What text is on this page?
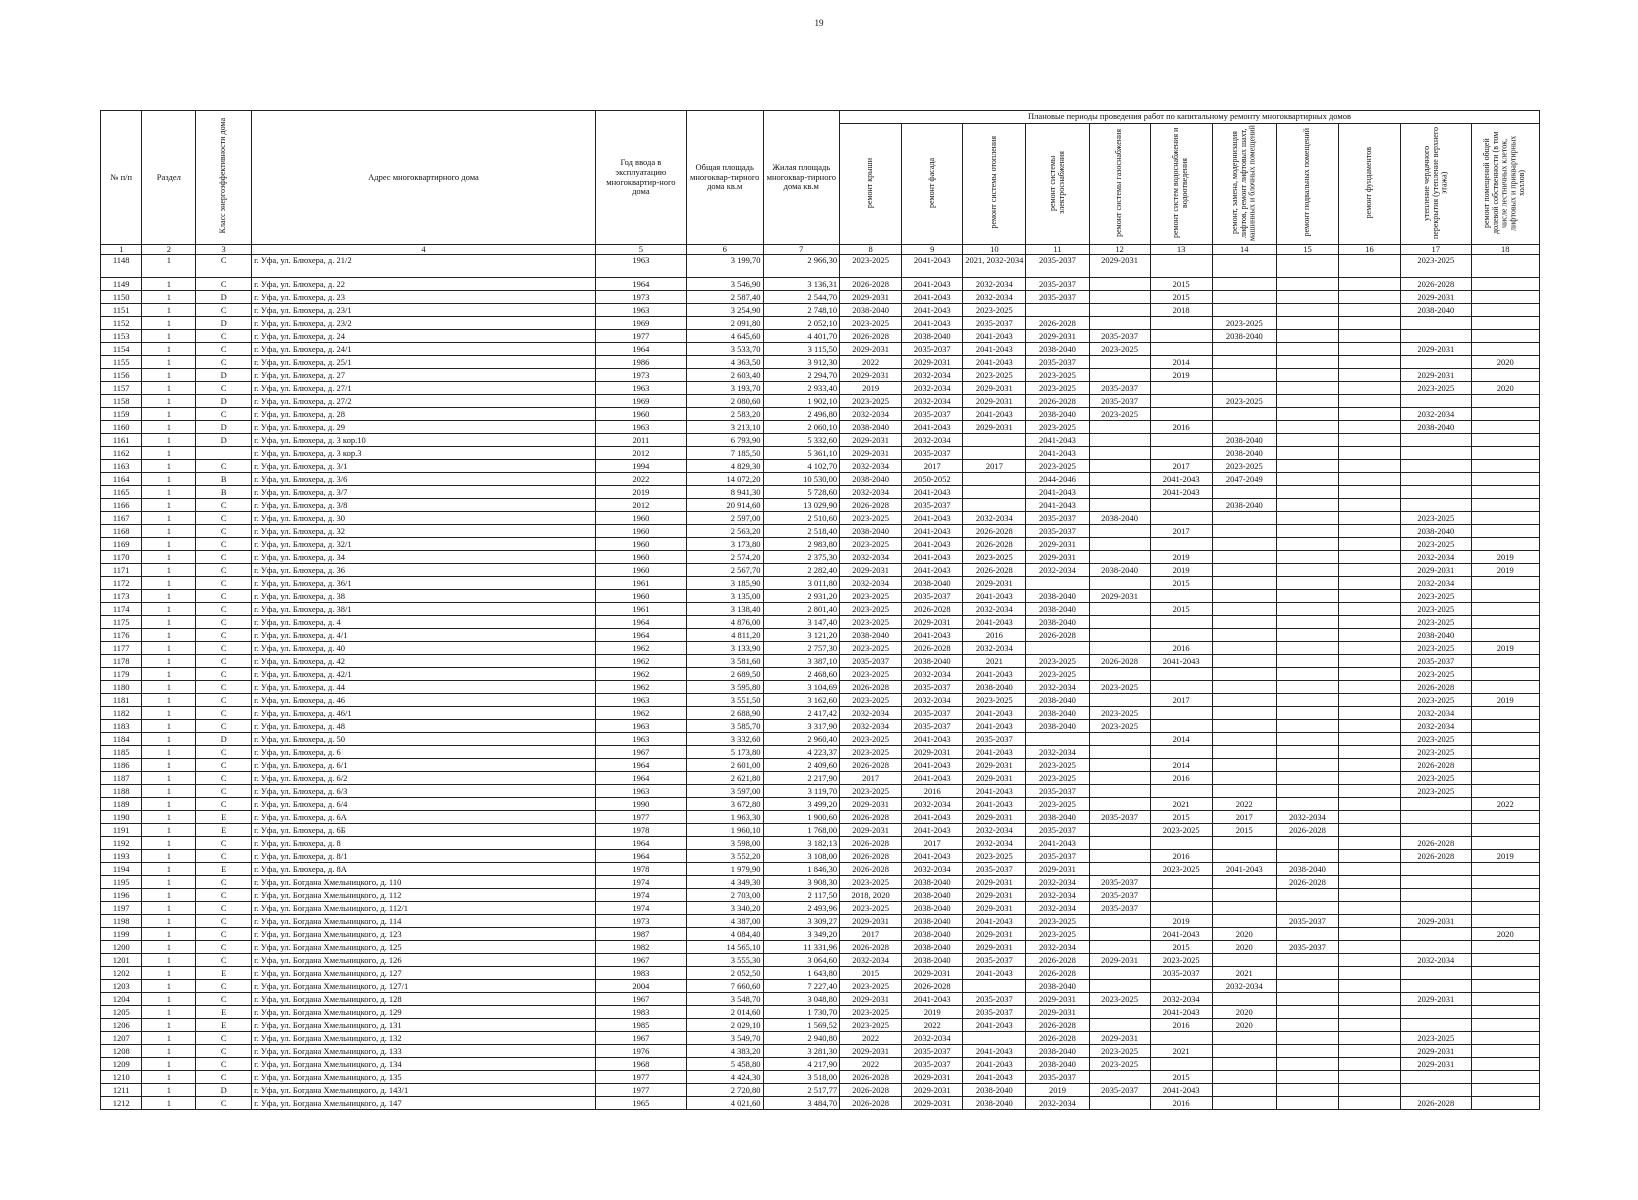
19
№ п/п	Раздел	Класс энергоэффективности дома	Адрес многоквартирного дома	Год ввода в эксплуатацию многоквартир-ного дома	Общая площадь многоквар-тирного дома кв.м	Жилая площадь многоквар-тирного дома кв.м	Плановые периоды проведения работ по капитальному ремонту многоквартирных домов										
							ремонт крыши	ремонт фасада	ремонт системы отопления	ремонт системы электроснабжения	ремонт системы газоснабжения	ремонт систем водоснабжения и водоотведения	ремонт, замена, модернизация лифтов, ремонт лифтовых шахт, машинных и блочных помещений	ремонт подвальных помещений	ремонт фундаментов	утепление чердачного перекрытия (утепление верхнего этажа)	ремонт помещений общей долевой собственности (в том числе лестничных клеток, лифтовых и приквартирных холлов)
1	2	3	4	5	6	7	8	9	10	11	12	13	14	15	16	17	18
1148	1	C	г. Уфа, ул. Блюхера, д. 21/2	1963	3 199,70	2 966,30	2023-2025	2041-2043	2021, 2032-2034	2035-2037	2029-2031					2023-2025	
1149	1	C	г. Уфа, ул. Блюхера, д. 22	1964	3 546,90	3 136,31	2026-2028	2041-2043	2032-2034	2035-2037		2015				2026-2028	
1150	1	D	г. Уфа, ул. Блюхера, д. 23	1973	2 587,40	2 544,70	2029-2031	2041-2043	2032-2034	2035-2037		2015				2029-2031	
1151	1	C	г. Уфа, ул. Блюхера, д. 23/1	1963	3 254,90	2 748,10	2038-2040	2041-2043	2023-2025			2018				2038-2040	
1152	1	D	г. Уфа, ул. Блюхера, д. 23/2	1969	2 091,80	2 052,10	2023-2025	2041-2043	2035-2037	2026-2028			2023-2025				
1153	1	C	г. Уфа, ул. Блюхера, д. 24	1977	4 645,60	4 401,70	2026-2028	2038-2040	2041-2043	2029-2031	2035-2037		2038-2040				
1154	1	C	г. Уфа, ул. Блюхера, д. 24/1	1964	3 533,70	3 115,50	2029-2031	2035-2037	2041-2043	2038-2040	2023-2025					2029-2031	
1155	1	C	г. Уфа, ул. Блюхера, д. 25/1	1986	4 363,50	3 912,30	2022	2029-2031	2041-2043	2035-2037		2014					2020
1156	1	D	г. Уфа, ул. Блюхера, д. 27	1973	2 603,40	2 294,70	2029-2031	2032-2034	2023-2025	2023-2025		2019				2029-2031	
1157	1	C	г. Уфа, ул. Блюхера, д. 27/1	1963	3 193,70	2 933,40	2019	2032-2034	2029-2031	2023-2025	2035-2037					2023-2025	2020
1158	1	D	г. Уфа, ул. Блюхера, д. 27/2	1969	2 080,60	1 902,10	2023-2025	2032-2034	2029-2031	2026-2028	2035-2037		2023-2025				
1159	1	C	г. Уфа, ул. Блюхера, д. 28	1960	2 583,20	2 496,80	2032-2034	2035-2037	2041-2043	2038-2040	2023-2025					2032-2034	
1160	1	D	г. Уфа, ул. Блюхера, д. 29	1963	3 213,10	2 060,10	2038-2040	2041-2043	2029-2031	2023-2025		2016				2038-2040	
1161	1	D	г. Уфа, ул. Блюхера, д. 3 кор.10	2011	6 793,90	5 332,60	2029-2031	2032-2034		2041-2043			2038-2040				
1162	1		г. Уфа, ул. Блюхера, д. 3 кор.3	2012	7 185,50	5 361,10	2029-2031	2035-2037		2041-2043			2038-2040				
1163	1	C	г. Уфа, ул. Блюхера, д. 3/1	1994	4 829,30	4 102,70	2032-2034	2017	2017	2023-2025		2017	2023-2025				
1164	1	B	г. Уфа, ул. Блюхера, д. 3/6	2022	14 072,20	10 530,00	2038-2040	2050-2052		2044-2046		2041-2043	2047-2049				
1165	1	B	г. Уфа, ул. Блюхера, д. 3/7	2019	8 941,30	5 728,60	2032-2034	2041-2043		2041-2043		2041-2043					
1166	1	C	г. Уфа, ул. Блюхера, д. 3/8	2012	20 914,60	13 029,90	2026-2028	2035-2037		2041-2043			2038-2040				
1167	1	C	г. Уфа, ул. Блюхера, д. 30	1960	2 597,00	2 510,60	2023-2025	2041-2043	2032-2034	2035-2037	2038-2040					2023-2025	
1168	1	C	г. Уфа, ул. Блюхера, д. 32	1960	2 563,20	2 518,40	2038-2040	2041-2043	2026-2028	2035-2037		2017				2038-2040	
1169	1	C	г. Уфа, ул. Блюхера, д. 32/1	1960	3 173,80	2 983,80	2023-2025	2041-2043	2026-2028	2029-2031						2023-2025	
1170	1	C	г. Уфа, ул. Блюхера, д. 34	1960	2 574,20	2 375,30	2032-2034	2041-2043	2023-2025	2029-2031		2019				2032-2034	2019
1171	1	C	г. Уфа, ул. Блюхера, д. 36	1960	2 567,70	2 282,40	2029-2031	2041-2043	2026-2028	2032-2034	2038-2040	2019				2029-2031	2019
1172	1	C	г. Уфа, ул. Блюхера, д. 36/1	1961	3 185,90	3 011,80	2032-2034	2038-2040	2029-2031			2015				2032-2034	
1173	1	C	г. Уфа, ул. Блюхера, д. 38	1960	3 135,00	2 931,20	2023-2025	2035-2037	2041-2043	2038-2040	2029-2031					2023-2025	
1174	1	C	г. Уфа, ул. Блюхера, д. 38/1	1961	3 138,40	2 801,40	2023-2025	2026-2028	2032-2034	2038-2040		2015				2023-2025	
1175	1	C	г. Уфа, ул. Блюхера, д. 4	1964	4 876,00	3 147,40	2023-2025	2029-2031	2041-2043	2038-2040						2023-2025	
1176	1	C	г. Уфа, ул. Блюхера, д. 4/1	1964	4 811,20	3 121,20	2038-2040	2041-2043	2016	2026-2028						2038-2040	
1177	1	C	г. Уфа, ул. Блюхера, д. 40	1962	3 133,90	2 757,30	2023-2025	2026-2028	2032-2034			2016				2023-2025	2019
1178	1	C	г. Уфа, ул. Блюхера, д. 42	1962	3 581,60	3 387,10	2035-2037	2038-2040	2021	2023-2025	2026-2028	2041-2043				2035-2037	
1179	1	C	г. Уфа, ул. Блюхера, д. 42/1	1962	2 689,50	2 468,60	2023-2025	2032-2034	2041-2043	2023-2025						2023-2025	
1180	1	C	г. Уфа, ул. Блюхера, д. 44	1962	3 595,80	3 104,69	2026-2028	2035-2037	2038-2040	2032-2034	2023-2025					2026-2028	
1181	1	C	г. Уфа, ул. Блюхера, д. 46	1963	3 551,50	3 162,60	2023-2025	2032-2034	2023-2025	2038-2040		2017				2023-2025	2019
1182	1	C	г. Уфа, ул. Блюхера, д. 46/1	1962	2 688,90	2 417,42	2032-2034	2035-2037	2041-2043	2038-2040	2023-2025					2032-2034	
1183	1	C	г. Уфа, ул. Блюхера, д. 48	1963	3 585,70	3 317,90	2032-2034	2035-2037	2041-2043	2038-2040	2023-2025					2032-2034	
1184	1	D	г. Уфа, ул. Блюхера, д. 50	1963	3 332,60	2 960,40	2023-2025	2041-2043	2035-2037			2014				2023-2025	
1185	1	C	г. Уфа, ул. Блюхера, д. 6	1967	5 173,80	4 223,37	2023-2025	2029-2031	2041-2043	2032-2034						2023-2025	
1186	1	C	г. Уфа, ул. Блюхера, д. 6/1	1964	2 601,00	2 409,60	2026-2028	2041-2043	2029-2031	2023-2025		2014				2026-2028	
1187	1	C	г. Уфа, ул. Блюхера, д. 6/2	1964	2 621,80	2 217,90	2017	2041-2043	2029-2031	2023-2025		2016				2023-2025	
1188	1	C	г. Уфа, ул. Блюхера, д. 6/3	1963	3 597,00	3 119,70	2023-2025	2016	2041-2043	2035-2037						2023-2025	
1189	1	C	г. Уфа, ул. Блюхера, д. 6/4	1990	3 672,80	3 499,20	2029-2031	2032-2034	2041-2043	2023-2025		2021	2022				2022
1190	1	E	г. Уфа, ул. Блюхера, д. 6А	1977	1 963,30	1 900,60	2026-2028	2041-2043	2029-2031	2038-2040	2035-2037	2015	2017	2032-2034			
1191	1	E	г. Уфа, ул. Блюхера, д. 6Б	1978	1 960,10	1 768,00	2029-2031	2041-2043	2032-2034	2035-2037		2023-2025	2015	2026-2028			
1192	1	C	г. Уфа, ул. Блюхера, д. 8	1964	3 598,00	3 182,13	2026-2028	2017	2032-2034	2041-2043						2026-2028	
1193	1	C	г. Уфа, ул. Блюхера, д. 8/1	1964	3 552,20	3 108,00	2026-2028	2041-2043	2023-2025	2035-2037		2016				2026-2028	2019
1194	1	E	г. Уфа, ул. Блюхера, д. 8А	1978	1 979,90	1 846,30	2026-2028	2032-2034	2035-2037	2029-2031		2023-2025	2041-2043	2038-2040			
1195	1	C	г. Уфа, ул. Богдана Хмельницкого, д. 110	1974	4 349,30	3 908,30	2023-2025	2038-2040	2029-2031	2032-2034	2035-2037			2026-2028			
1196	1	C	г. Уфа, ул. Богдана Хмельницкого, д. 112	1974	2 703,00	2 117,50	2018, 2020	2038-2040	2029-2031	2032-2034	2035-2037						
1197	1	C	г. Уфа, ул. Богдана Хмельницкого, д. 112/1	1974	3 340,20	2 493,96	2023-2025	2038-2040	2029-2031	2032-2034	2035-2037						
1198	1	C	г. Уфа, ул. Богдана Хмельницкого, д. 114	1973	4 387,00	3 309,27	2029-2031	2038-2040	2041-2043	2023-2025		2019		2035-2037		2029-2031	
1199	1	C	г. Уфа, ул. Богдана Хмельницкого, д. 123	1987	4 084,40	3 349,20	2017	2038-2040	2029-2031	2023-2025		2041-2043	2020				2020
1200	1	C	г. Уфа, ул. Богдана Хмельницкого, д. 125	1982	14 565,10	11 331,96	2026-2028	2038-2040	2029-2031	2032-2034		2015	2020	2035-2037			
1201	1	C	г. Уфа, ул. Богдана Хмельницкого, д. 126	1967	3 555,30	3 064,60	2032-2034	2038-2040	2035-2037	2026-2028	2029-2031	2023-2025				2032-2034	
1202	1	E	г. Уфа, ул. Богдана Хмельницкого, д. 127	1983	2 052,50	1 643,80	2015	2029-2031	2041-2043	2026-2028		2035-2037	2021				
1203	1	C	г. Уфа, ул. Богдана Хмельницкого, д. 127/1	2004	7 660,60	7 227,40	2023-2025	2026-2028		2038-2040			2032-2034				
1204	1	C	г. Уфа, ул. Богдана Хмельницкого, д. 128	1967	3 548,70	3 048,80	2029-2031	2041-2043	2035-2037	2029-2031	2023-2025	2032-2034				2029-2031	
1205	1	E	г. Уфа, ул. Богдана Хмельницкого, д. 129	1983	2 014,60	1 730,70	2023-2025	2019	2035-2037	2029-2031		2041-2043	2020				
1206	1	E	г. Уфа, ул. Богдана Хмельницкого, д. 131	1985	2 029,10	1 569,52	2023-2025	2022	2041-2043	2026-2028		2016	2020				
1207	1	C	г. Уфа, ул. Богдана Хмельницкого, д. 132	1967	3 549,70	2 940,80	2022	2032-2034		2026-2028	2029-2031					2023-2025	
1208	1	C	г. Уфа, ул. Богдана Хмельницкого, д. 133	1976	4 383,20	3 281,30	2029-2031	2035-2037	2041-2043	2038-2040	2023-2025	2021				2029-2031	
1209	1	C	г. Уфа, ул. Богдана Хмельницкого, д. 134	1968	5 458,80	4 217,90	2022	2035-2037	2041-2043	2038-2040	2023-2025					2029-2031	
1210	1	C	г. Уфа, ул. Богдана Хмельницкого, д. 135	1977	4 424,30	3 518,00	2026-2028	2029-2031	2041-2043	2035-2037		2015					
1211	1	D	г. Уфа, ул. Богдана Хмельницкого, д. 143/1	1977	2 720,80	2 517,77	2026-2028	2029-2031	2038-2040	2019	2035-2037	2041-2043					
1212	1	C	г. Уфа, ул. Богдана Хмельницкого, д. 147	1965	4 021,60	3 484,70	2026-2028	2029-2031	2038-2040	2032-2034		2016				2026-2028	
